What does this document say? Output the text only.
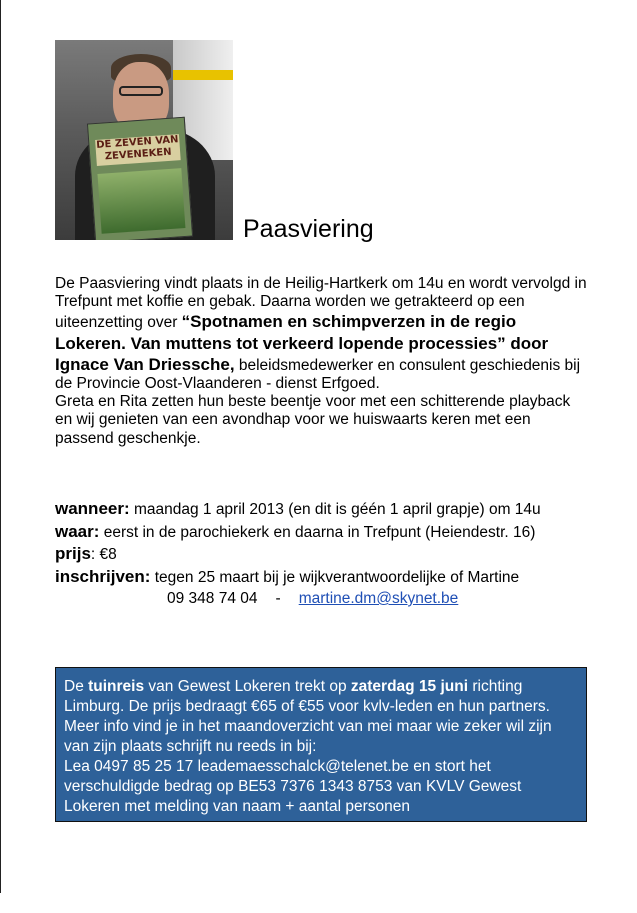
DE ZEVEN VAN ZEVENEKEN
Paasviering

De Paasviering vindt plaats in de Heilig-Hartkerk om 14u en wordt vervolgd in Trefpunt met koffie en gebak. Daarna worden we getrakteerd op een uiteenzetting over “Spotnamen en schimpverzen in de regio Lokeren. Van muttens tot verkeerd lopende processies” door Ignace Van Driessche, beleidsmedewerker en consulent geschiedenis bij de Provincie Oost-Vlaanderen - dienst Erfgoed.

Greta en Rita zetten hun beste beentje voor met een schitterende playback en wij genieten van een avondhap voor we huiswaarts keren met een passend geschenkje.

wanneer: maandag 1 april 2013 (en dit is géén 1 april grapje) om 14u
waar: eerst in de parochiekerk en daarna in Trefpunt (Heiendestr. 16)
prijs: €8
inschrijven: tegen 25 maart bij je wijkverantwoordelijke of Martine
09 348 74 04 - martine.dm@skynet.be
De tuinreis van Gewest Lokeren trekt op zaterdag 15 juni richting Limburg. De prijs bedraagt €65 of €55 voor kvlv-leden en hun partners. Meer info vind je in het maandoverzicht van mei maar wie zeker wil zijn van zijn plaats schrijft nu reeds in bij:
Lea 0497 85 25 17 leademaesschalck@telenet.be en stort het verschuldigde bedrag op BE53 7376 1343 8753 van KVLV Gewest Lokeren met melding van naam + aantal personen
